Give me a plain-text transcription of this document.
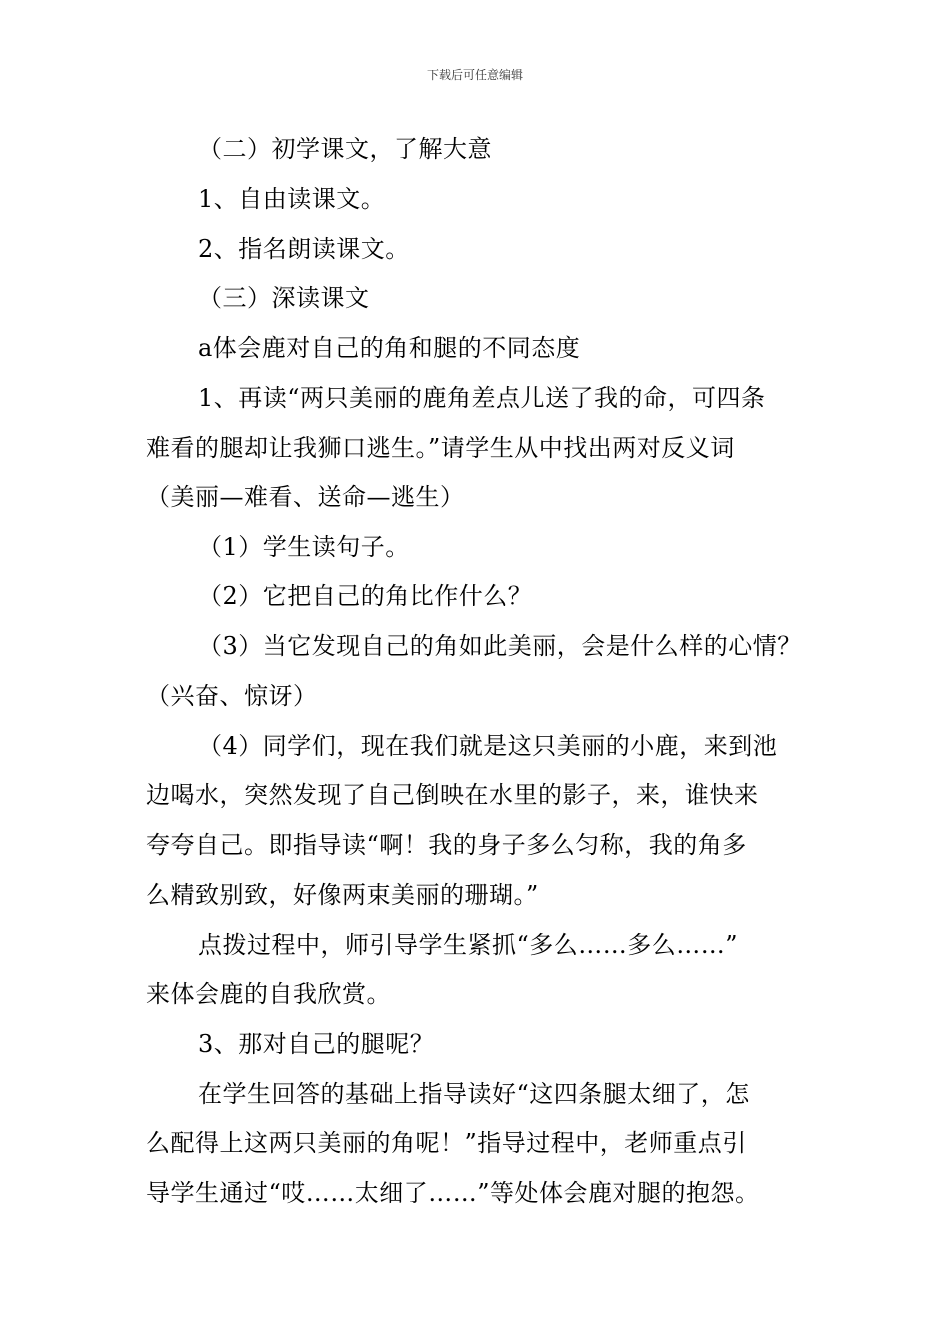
下载后可任意编辑
（二）初学课文，了解大意
1、自由读课文。
2、指名朗读课文。
（三）深读课文
a体会鹿对自己的角和腿的不同态度
1、再读“两只美丽的鹿角差点儿送了我的命，可四条
难看的腿却让我狮口逃生。”请学生从中找出两对反义词
（美丽—难看、送命—逃生）
（1）学生读句子。
（2）它把自己的角比作什么？
（3）当它发现自己的角如此美丽，会是什么样的心情？
（兴奋、惊讶）
（4）同学们，现在我们就是这只美丽的小鹿，来到池
边喝水，突然发现了自己倒映在水里的影子，来，谁快来
夸夸自己。即指导读“啊！我的身子多么匀称，我的角多
么精致别致，好像两束美丽的珊瑚。”
点拨过程中，师引导学生紧抓“多么……多么……”
来体会鹿的自我欣赏。
3、那对自己的腿呢？
在学生回答的基础上指导读好“这四条腿太细了，怎
么配得上这两只美丽的角呢！”指导过程中，老师重点引
导学生通过“哎……太细了……”等处体会鹿对腿的抱怨。
